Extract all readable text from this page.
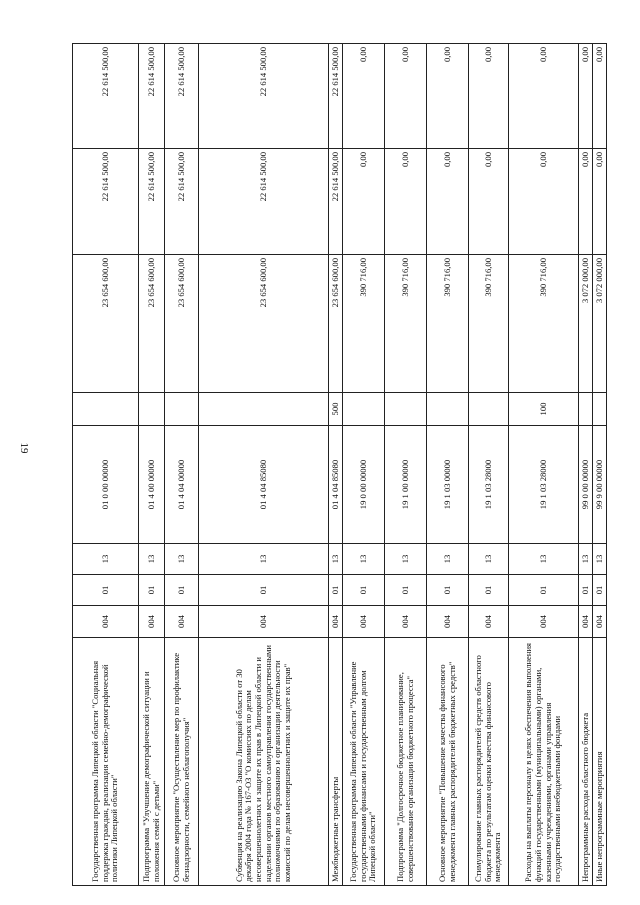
19
Государственная программа Липецкой области "Социальная поддержка граждан, реализация семейно-демографической политики Липецкой области"	004	01	13	01 0 00 00000		23 654 600,00	22 614 500,00	22 614 500,00
Подпрограмма "Улучшение демографической ситуации и положения семей с детьми"	004	01	13	01 4 00 00000		23 654 600,00	22 614 500,00	22 614 500,00
Основное мероприятие "Осуществление мер по профилактике безнадзорности, семейного неблагополучия"	004	01	13	01 4 04 00000		23 654 600,00	22 614 500,00	22 614 500,00
Субвенция на реализацию Закона Липецкой области от 30 декабря 2004 года № 167-ОЗ "О комиссиях по делам несовершеннолетних и защите их прав в Липецкой области и наделении органов местного самоуправления государственными полномочиями по образованию и организации деятельности комиссий по делам несовершеннолетних и защите их прав"	004	01	13	01 4 04 85080		23 654 600,00	22 614 500,00	22 614 500,00
Межбюджетные трансферты	004	01	13	01 4 04 85080	500	23 654 600,00	22 614 500,00	22 614 500,00
Государственная программа Липецкой области "Управление государственными финансами и государственным долгом Липецкой области"	004	01	13	19 0 00 00000		390 716,00	0,00	0,00
Подпрограмма "Долгосрочное бюджетное планирование, совершенствование организации бюджетного процесса"	004	01	13	19 1 00 00000		390 716,00	0,00	0,00
Основное мероприятие "Повышение качества финансового менеджмента главных распорядителей бюджетных средств"	004	01	13	19 1 03 00000		390 716,00	0,00	0,00
Стимулирование главных распорядителей средств областного бюджета по результатам оценки качества финансового менеджмента	004	01	13	19 1 03 28000		390 716,00	0,00	0,00
Расходы на выплаты персоналу в целях обеспечения выполнения функций государственными (муниципальными) органами, казенными учреждениями, органами управления государственными внебюджетными фондами	004	01	13	19 1 03 28000	100	390 716,00	0,00	0,00
Непрограммные расходы областного бюджета	004	01	13	99 0 00 00000		3 072 000,00	0,00	0,00
Иные непрограммные мероприятия	004	01	13	99 9 00 00000		3 072 000,00	0,00	0,00
